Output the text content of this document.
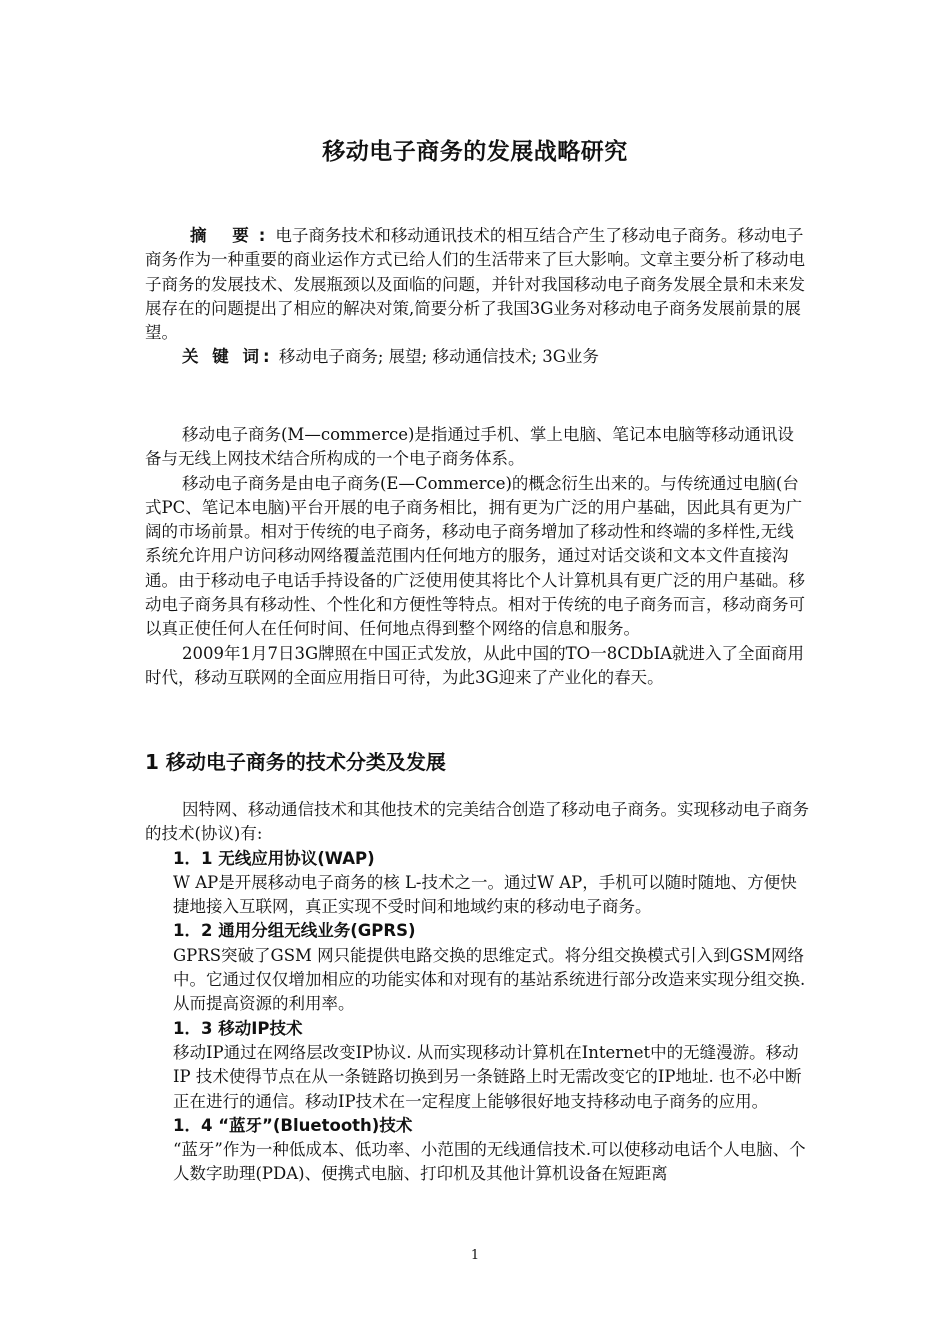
移动电子商务的发展战略研究

摘 要:电子商务技术和移动通讯技术的相互结合产生了移动电子商务。移动电子商务作为一种重要的商业运作方式已给人们的生活带来了巨大影响。文章主要分析了移动电子商务的发展技术、发展瓶颈以及面临的问题，并针对我国移动电子商务发展全景和未来发展存在的问题提出了相应的解决对策,简要分析了我国3G业务对移动电子商务发展前景的展望。

关 键 词: 移动电子商务; 展望; 移动通信技术; 3G业务

移动电子商务(M—commerce)是指通过手机、掌上电脑、笔记本电脑等移动通讯设备与无线上网技术结合所构成的一个电子商务体系。

移动电子商务是由电子商务(E—Commerce)的概念衍生出来的。与传统通过电脑(台式PC、笔记本电脑)平台开展的电子商务相比，拥有更为广泛的用户基础，因此具有更为广阔的市场前景。相对于传统的电子商务，移动电子商务增加了移动性和终端的多样性,无线系统允许用户访问移动网络覆盖范围内任何地方的服务，通过对话交谈和文本文件直接沟通。由于移动电子电话手持设备的广泛使用使其将比个人计算机具有更广泛的用户基础。移动电子商务具有移动性、个性化和方便性等特点。相对于传统的电子商务而言，移动商务可以真正使任何人在任何时间、任何地点得到整个网络的信息和服务。

2009年1月7日3G牌照在中国正式发放，从此中国的TO一8CDbIA就进入了全面商用时代，移动互联网的全面应用指日可待，为此3G迎来了产业化的春天。

1 移动电子商务的技术分类及发展

因特网、移动通信技术和其他技术的完美结合创造了移动电子商务。实现移动电子商务的技术(协议)有:

1．1 无线应用协议(WAP)

W AP是开展移动电子商务的核 L-技术之一。通过W AP，手机可以随时随地、方便快捷地接入互联网，真正实现不受时间和地域约束的移动电子商务。

1．2 通用分组无线业务(GPRS)

GPRS突破了GSM 网只能提供电路交换的思维定式。将分组交换模式引入到GSM网络中。它通过仅仅增加相应的功能实体和对现有的基站系统进行部分改造来实现分组交换. 从而提高资源的利用率。

1．3 移动IP技术

移动IP通过在网络层改变IP协议. 从而实现移动计算机在Internet中的无缝漫游。移动IP 技术使得节点在从一条链路切换到另一条链路上时无需改变它的IP地址. 也不必中断正在进行的通信。移动IP技术在一定程度上能够很好地支持移动电子商务的应用。

1．4 “蓝牙”(Bluetooth)技术

“蓝牙”作为一种低成本、低功率、小范围的无线通信技术.可以使移动电话个人电脑、个人数字助理(PDA)、便携式电脑、打印机及其他计算机设备在短距离

1
